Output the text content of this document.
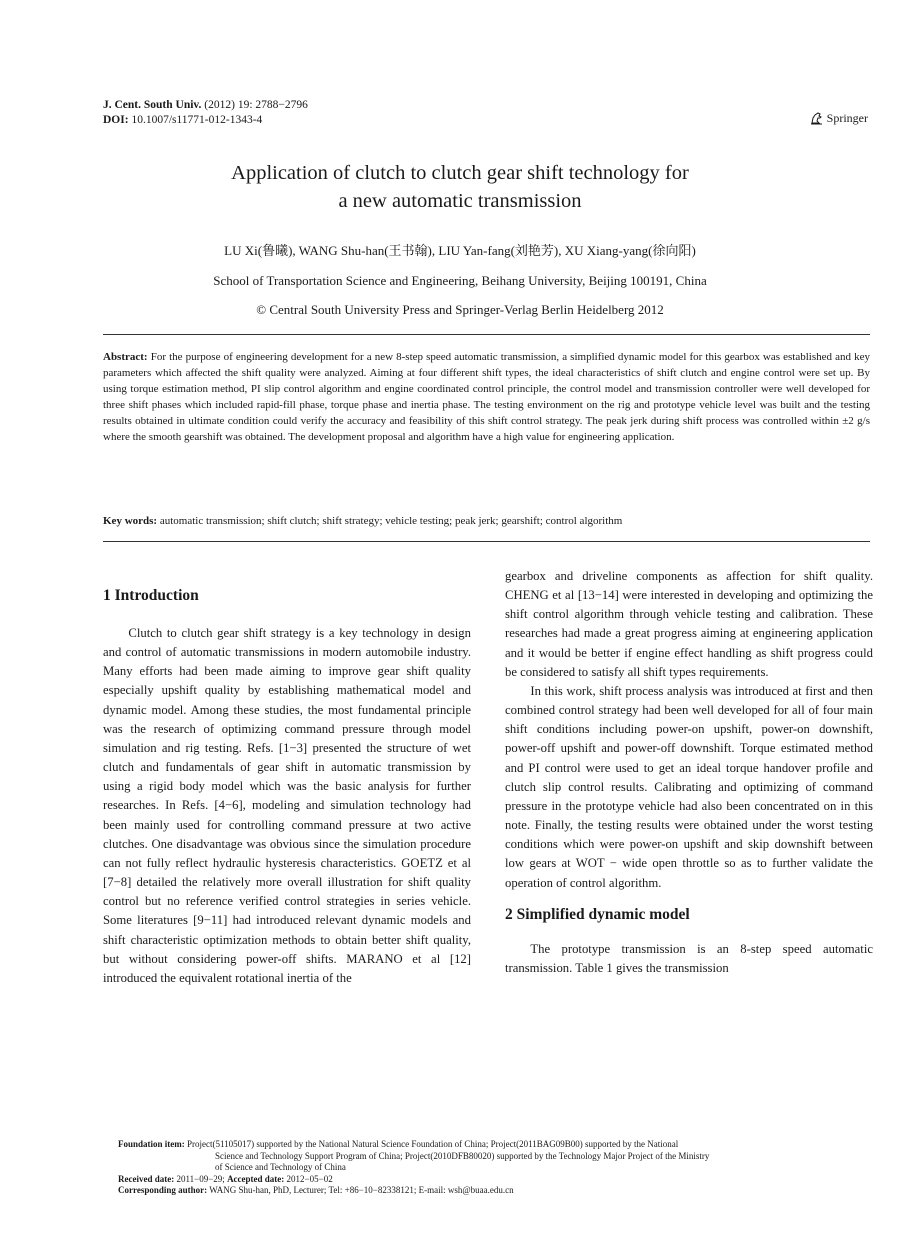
J. Cent. South Univ. (2012) 19: 2788−2796
DOI: 10.1007/s11771-012-1343-4	Springer
Application of clutch to clutch gear shift technology for
a new automatic transmission
LU Xi(鲁曦), WANG Shu-han(王书翰), LIU Yan-fang(刘艳芳), XU Xiang-yang(徐向阳)
School of Transportation Science and Engineering, Beihang University, Beijing 100191, China
© Central South University Press and Springer-Verlag Berlin Heidelberg 2012
Abstract: For the purpose of engineering development for a new 8-step speed automatic transmission, a simplified dynamic model for this gearbox was established and key parameters which affected the shift quality were analyzed. Aiming at four different shift types, the ideal characteristics of shift clutch and engine control were set up. By using torque estimation method, PI slip control algorithm and engine coordinated control principle, the control model and transmission controller were well developed for three shift phases which included rapid-fill phase, torque phase and inertia phase. The testing environment on the rig and prototype vehicle level was built and the testing results obtained in ultimate condition could verify the accuracy and feasibility of this shift control strategy. The peak jerk during shift process was controlled within ±2 g/s where the smooth gearshift was obtained. The development proposal and algorithm have a high value for engineering application.
Key words: automatic transmission; shift clutch; shift strategy; vehicle testing; peak jerk; gearshift; control algorithm
1 Introduction

Clutch to clutch gear shift strategy is a key technology in design and control of automatic transmissions in modern automobile industry. Many efforts had been made aiming to improve gear shift quality especially upshift quality by establishing mathematical model and dynamic model. Among these studies, the most fundamental principle was the research of optimizing command pressure through model simulation and rig testing. Refs. [1−3] presented the structure of wet clutch and fundamentals of gear shift in automatic transmission by using a rigid body model which was the basic analysis for further researches. In Refs. [4−6], modeling and simulation technology had been mainly used for controlling command pressure at two active clutches. One disadvantage was obvious since the simulation procedure can not fully reflect hydraulic hysteresis characteristics. GOETZ et al [7−8] detailed the relatively more overall illustration for shift quality control but no reference verified control strategies in series vehicle. Some literatures [9−11] had introduced relevant dynamic models and shift characteristic optimization methods to obtain better shift quality, but without considering power-off shifts. MARANO et al [12] introduced the equivalent rotational inertia of the

gearbox and driveline components as affection for shift quality. CHENG et al [13−14] were interested in developing and optimizing the shift control algorithm through vehicle testing and calibration. These researches had made a great progress aiming at engineering application and it would be better if engine effect handling as shift progress could be considered to satisfy all shift types requirements.

In this work, shift process analysis was introduced at first and then combined control strategy had been well developed for all of four main shift conditions including power-on upshift, power-on downshift, power-off upshift and power-off downshift. Torque estimated method and PI control were used to get an ideal torque handover profile and clutch slip control results. Calibrating and optimizing of command pressure in the prototype vehicle had also been concentrated on in this note. Finally, the testing results were obtained under the worst testing conditions which were power-on upshift and skip downshift between low gears at WOT − wide open throttle so as to further validate the operation of control algorithm.

2 Simplified dynamic model

The prototype transmission is an 8-step speed automatic transmission. Table 1 gives the transmission

Foundation item: Project(51105017) supported by the National Natural Science Foundation of China; Project(2011BAG09B00) supported by the National
Science and Technology Support Program of China; Project(2010DFB80020) supported by the Technology Major Project of the Ministry
of Science and Technology of China
Received date: 2011−09−29; Accepted date: 2012−05−02
Corresponding author: WANG Shu-han, PhD, Lecturer; Tel: +86−10−82338121; E-mail: wsh@buaa.edu.cn
